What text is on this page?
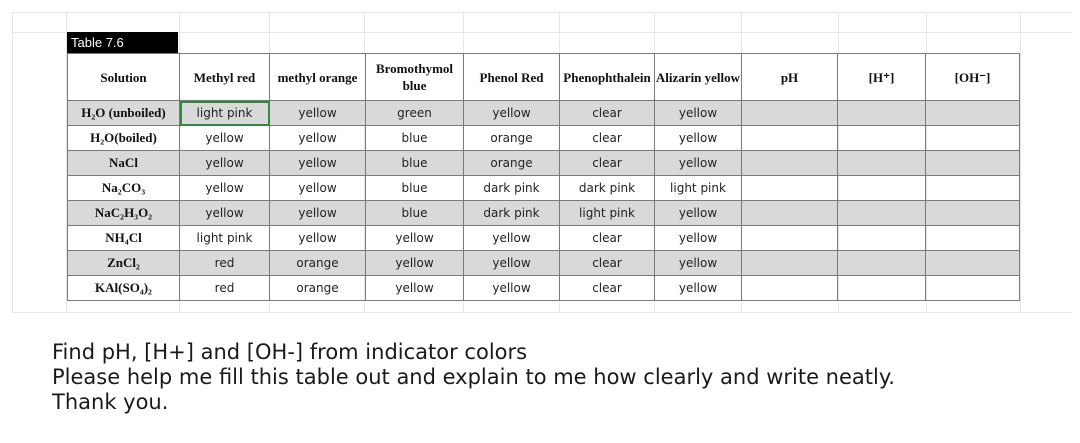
Table 7.6
Solution	Methyl red	methyl orange	Bromothymol blue	Phenol Red	Phenophthalein	Alizarin yellow	pH	[H⁺]	[OH⁻]
H₂O (unboiled)	light pink	yellow	green	yellow	clear	yellow			
H₂O(boiled)	yellow	yellow	blue	orange	clear	yellow			
NaCl	yellow	yellow	blue	orange	clear	yellow			
Na₂CO₃	yellow	yellow	blue	dark pink	dark pink	light pink			
NaC₂H₃O₂	yellow	yellow	blue	dark pink	light pink	yellow			
NH₄Cl	light pink	yellow	yellow	yellow	clear	yellow			
ZnCl₂	red	orange	yellow	yellow	clear	yellow			
KAl(SO₄)₂	red	orange	yellow	yellow	clear	yellow			
Find pH, [H+] and [OH-] from indicator colors
Please help me fill this table out and explain to me how clearly and write neatly.
Thank you.
